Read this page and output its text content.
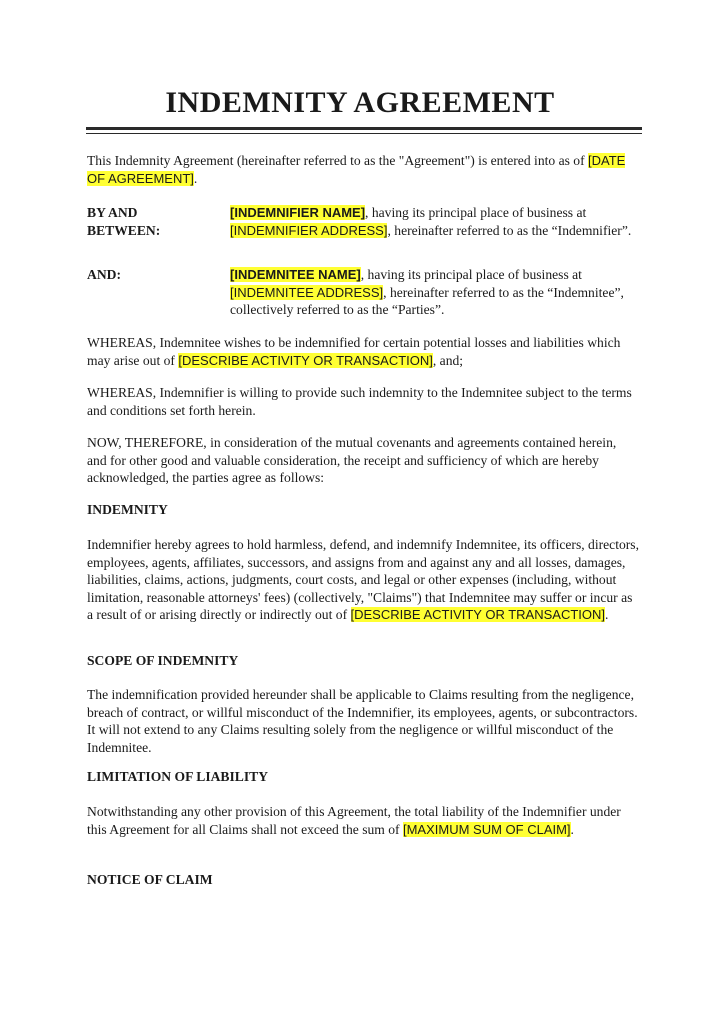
INDEMNITY AGREEMENT
This Indemnity Agreement (hereinafter referred to as the "Agreement") is entered into as of [DATE OF AGREEMENT].
BY AND BETWEEN:
[INDEMNIFIER NAME], having its principal place of business at [INDEMNIFIER ADDRESS], hereinafter referred to as the “Indemnifier”.
AND:	[INDEMNITEE NAME], having its principal place of business at [INDEMNITEE ADDRESS], hereinafter referred to as the “Indemnitee”, collectively referred to as the “Parties”.
WHEREAS, Indemnitee wishes to be indemnified for certain potential losses and liabilities which may arise out of [DESCRIBE ACTIVITY OR TRANSACTION], and;
WHEREAS, Indemnifier is willing to provide such indemnity to the Indemnitee subject to the terms and conditions set forth herein.
NOW, THEREFORE, in consideration of the mutual covenants and agreements contained herein, and for other good and valuable consideration, the receipt and sufficiency of which are hereby acknowledged, the parties agree as follows:
INDEMNITY
Indemnifier hereby agrees to hold harmless, defend, and indemnify Indemnitee, its officers, directors, employees, agents, affiliates, successors, and assigns from and against any and all losses, damages, liabilities, claims, actions, judgments, court costs, and legal or other expenses (including, without limitation, reasonable attorneys' fees) (collectively, "Claims") that Indemnitee may suffer or incur as a result of or arising directly or indirectly out of [DESCRIBE ACTIVITY OR TRANSACTION].
SCOPE OF INDEMNITY
The indemnification provided hereunder shall be applicable to Claims resulting from the negligence, breach of contract, or willful misconduct of the Indemnifier, its employees, agents, or subcontractors. It will not extend to any Claims resulting solely from the negligence or willful misconduct of the Indemnitee.
LIMITATION OF LIABILITY
Notwithstanding any other provision of this Agreement, the total liability of the Indemnifier under this Agreement for all Claims shall not exceed the sum of [MAXIMUM SUM OF CLAIM].
NOTICE OF CLAIM
